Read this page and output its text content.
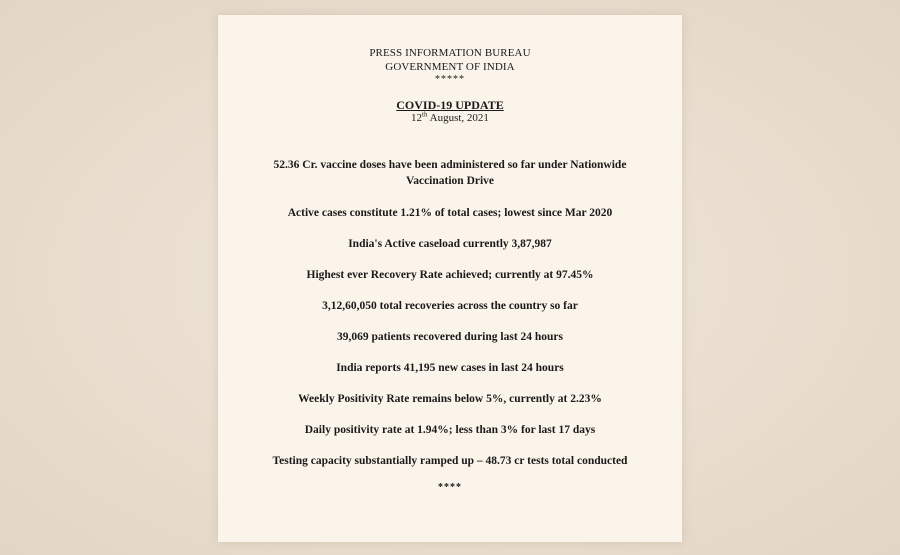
PRESS INFORMATION BUREAU
GOVERNMENT OF INDIA
*****
COVID-19 UPDATE
12th August, 2021
52.36 Cr. vaccine doses have been administered so far under Nationwide Vaccination Drive
Active cases constitute 1.21% of total cases; lowest since Mar 2020
India's Active caseload currently 3,87,987
Highest ever Recovery Rate achieved; currently at 97.45%
3,12,60,050 total recoveries across the country so far
39,069 patients recovered during last 24 hours
India reports 41,195 new cases in last 24 hours
Weekly Positivity Rate remains below 5%, currently at 2.23%
Daily positivity rate at 1.94%; less than 3% for last 17 days
Testing capacity substantially ramped up – 48.73 cr tests total conducted
****
